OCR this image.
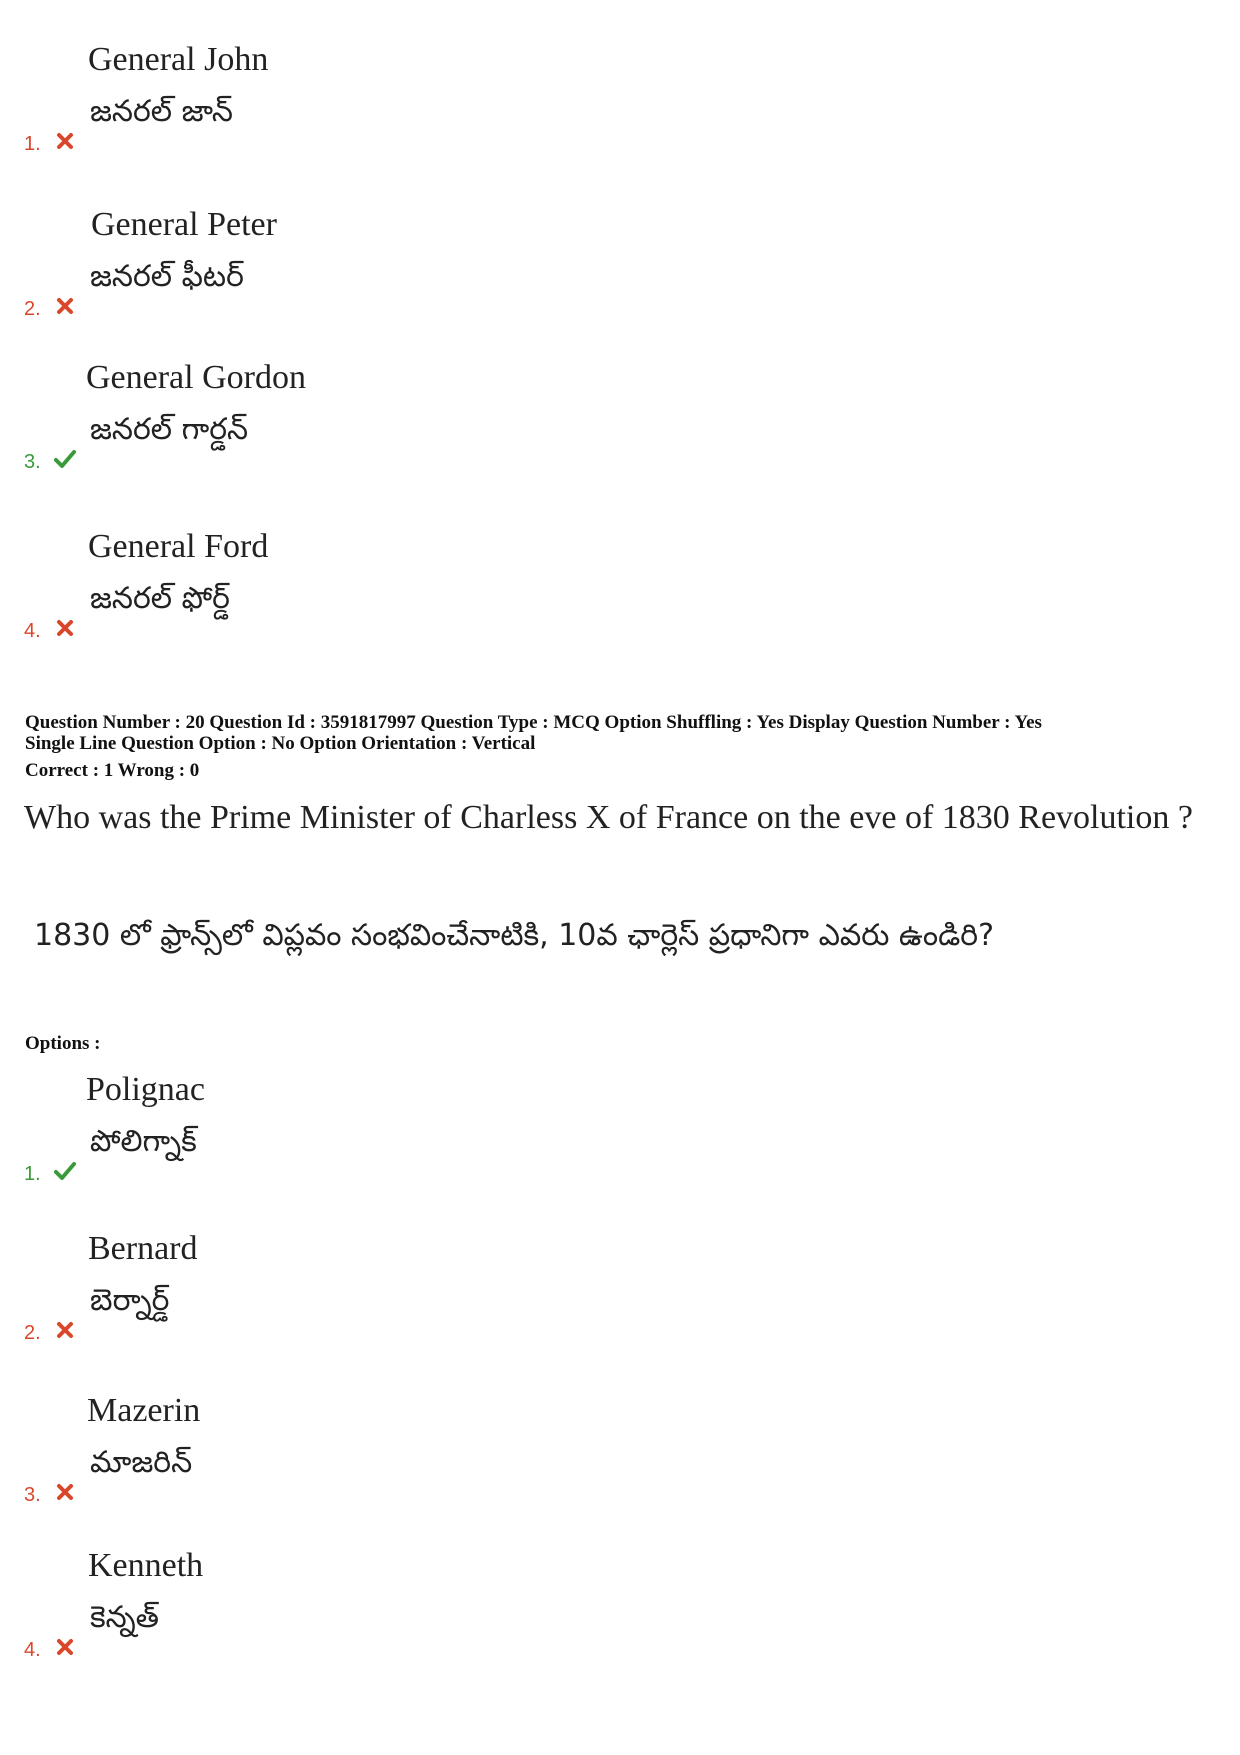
General John
జనరల్ జాన్
1.
General Peter
జనరల్ ఫీటర్
2.
General Gordon
జనరల్ గార్డన్
3.
General Ford
జనరల్ ఫోర్డ్
4.
Question Number : 20 Question Id : 3591817997 Question Type : MCQ Option Shuffling : Yes Display Question Number : Yes
Single Line Question Option : No Option Orientation : Vertical
Correct : 1 Wrong : 0
Who was the Prime Minister of Charless X of France on the eve of 1830 Revolution ?
1830 లో ఫ్రాన్స్‌లో విప్లవం సంభవించేనాటికి, 10వ ఛార్లెస్ ప్రధానిగా ఎవరు ఉండిరి?
Options :
Polignac
పోలిగ్నాక్
1.
Bernard
బెర్నార్డ్
2.
Mazerin
మాజరిన్
3.
Kenneth
కెన్నత్
4.
